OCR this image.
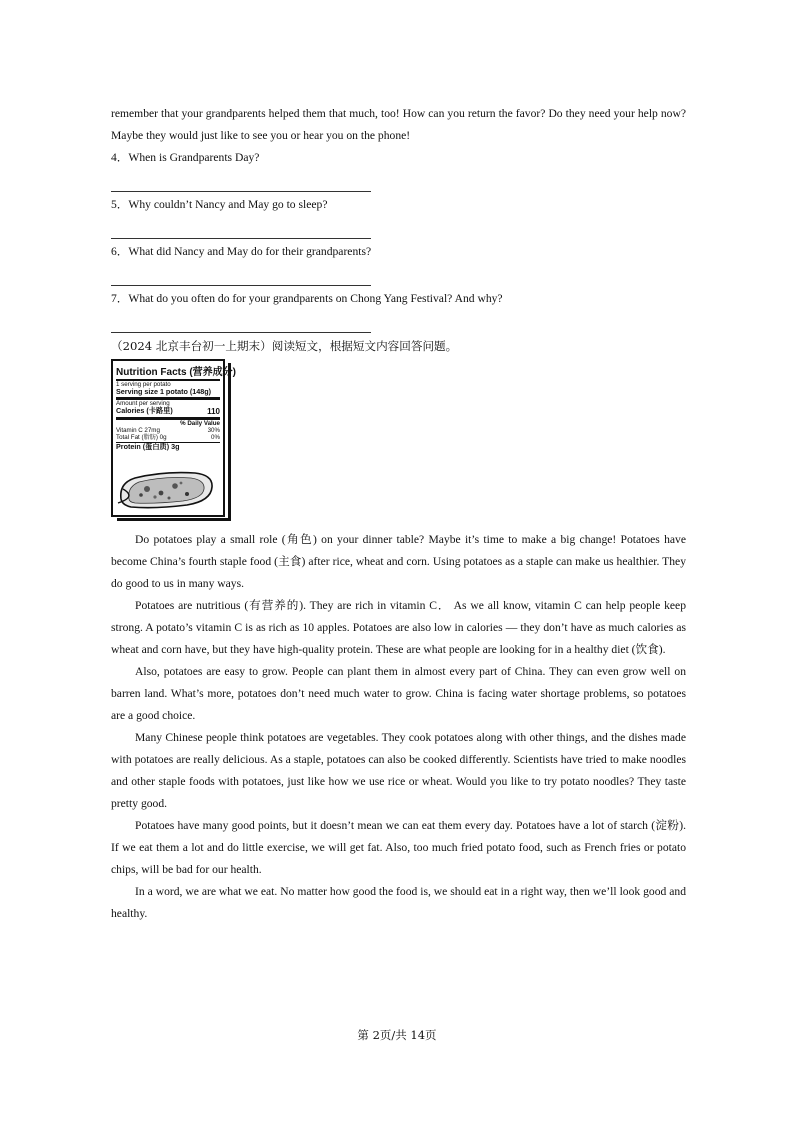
remember that your grandparents helped them that much, too! How can you return the favor? Do they need your help now? Maybe they would just like to see you or hear you on the phone!

4．When is Grandparents Day?

5．Why couldn’t Nancy and May go to sleep?

6．What did Nancy and May do for their grandparents?

7．What do you often do for your grandparents on Chong Yang Festival? And why?

（2024 北京丰台初一上期末）阅读短文，根据短文内容回答问题。

Nutrition Facts (营养成分)
1 serving per potato
Serving size 1 potato (148g)
Amount per serving
Calories (卡路里)	110
% Daily Value
Vitamin C 27mg	30%
Total Fat (脂肪) 0g	0%
Protein (蛋白质) 3g

Do potatoes play a small role (角色) on your dinner table? Maybe it’s time to make a big change! Potatoes have become China’s fourth staple food (主食) after rice, wheat and corn. Using potatoes as a staple can make us healthier. They do good to us in many ways.

Potatoes are nutritious (有营养的). They are rich in vitamin C． As we all know, vitamin C can help people keep strong. A potato’s vitamin C is as rich as 10 apples. Potatoes are also low in calories — they don’t have as much calories as wheat and corn have, but they have high-quality protein. These are what people are looking for in a healthy diet (饮食).

Also, potatoes are easy to grow. People can plant them in almost every part of China. They can even grow well on barren land. What’s more, potatoes don’t need much water to grow. China is facing water shortage problems, so potatoes are a good choice.

Many Chinese people think potatoes are vegetables. They cook potatoes along with other things, and the dishes made with potatoes are really delicious. As a staple, potatoes can also be cooked differently. Scientists have tried to make noodles and other staple foods with potatoes, just like how we use rice or wheat. Would you like to try potato noodles? They taste pretty good.

Potatoes have many good points, but it doesn’t mean we can eat them every day. Potatoes have a lot of starch (淀粉). If we eat them a lot and do little exercise, we will get fat. Also, too much fried potato food, such as French fries or potato chips, will be bad for our health.

In a word, we are what we eat. No matter how good the food is, we should eat in a right way, then we’ll look good and healthy.

第 2页/共 14页
